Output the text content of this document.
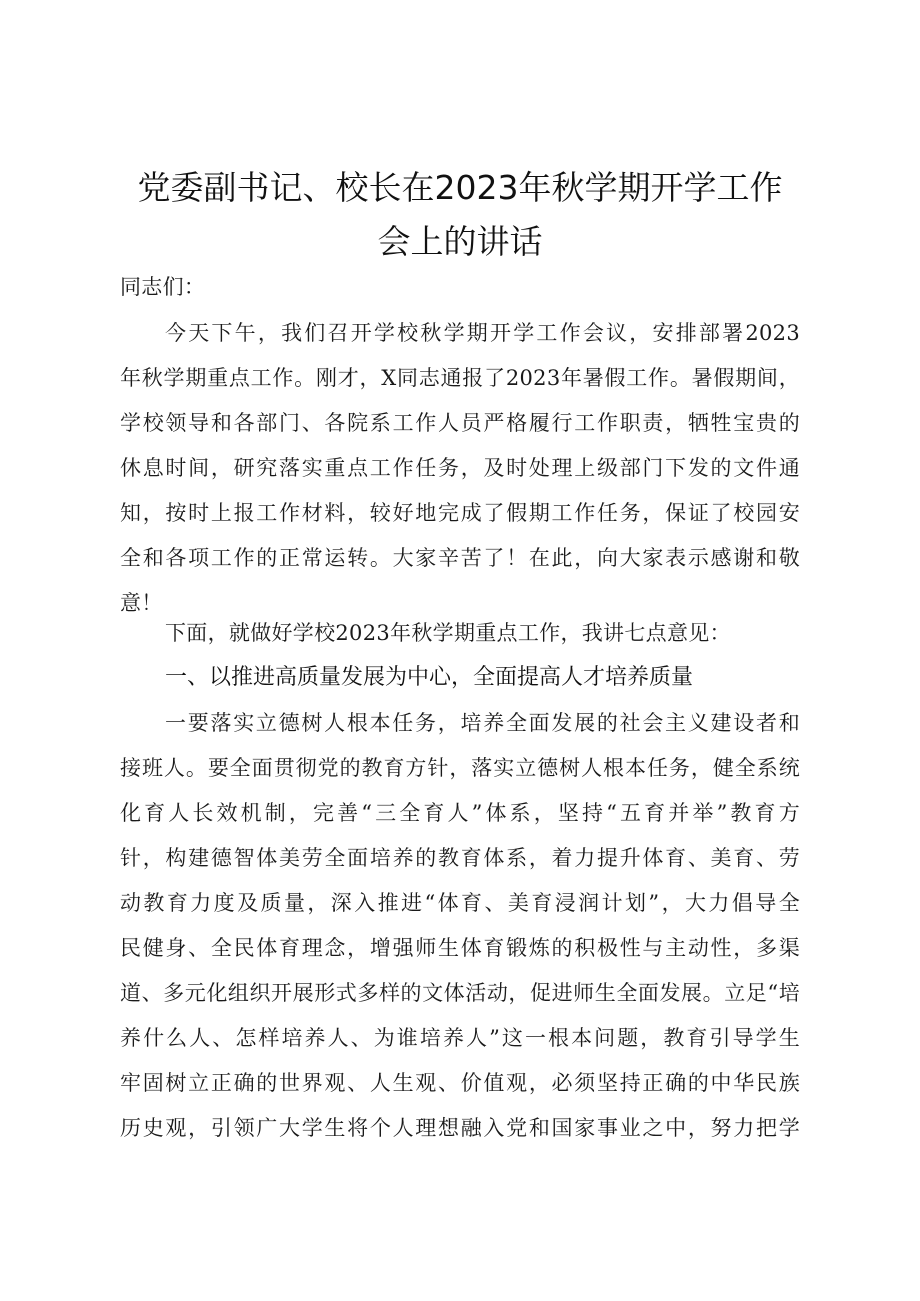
党委副书记、校长在2023年秋学期开学工作
会上的讲话
同志们：
今天下午，我们召开学校秋学期开学工作会议，安排部署2023
年秋学期重点工作。刚才，X同志通报了2023年暑假工作。暑假期间，
学校领导和各部门、各院系工作人员严格履行工作职责，牺牲宝贵的
休息时间，研究落实重点工作任务，及时处理上级部门下发的文件通
知，按时上报工作材料，较好地完成了假期工作任务，保证了校园安
全和各项工作的正常运转。大家辛苦了！在此，向大家表示感谢和敬
意！
下面，就做好学校2023年秋学期重点工作，我讲七点意见：
一、以推进高质量发展为中心，全面提高人才培养质量
一要落实立德树人根本任务，培养全面发展的社会主义建设者和
接班人。要全面贯彻党的教育方针，落实立德树人根本任务，健全系统
化育人长效机制，完善“三全育人”体系，坚持“五育并举”教育方
针，构建德智体美劳全面培养的教育体系，着力提升体育、美育、劳
动教育力度及质量，深入推进“体育、美育浸润计划”，大力倡导全
民健身、全民体育理念，增强师生体育锻炼的积极性与主动性，多渠
道、多元化组织开展形式多样的文体活动，促进师生全面发展。立足“培
养什么人、怎样培养人、为谁培养人”这一根本问题，教育引导学生
牢固树立正确的世界观、人生观、价值观，必须坚持正确的中华民族
历史观，引领广大学生将个人理想融入党和国家事业之中，努力把学
